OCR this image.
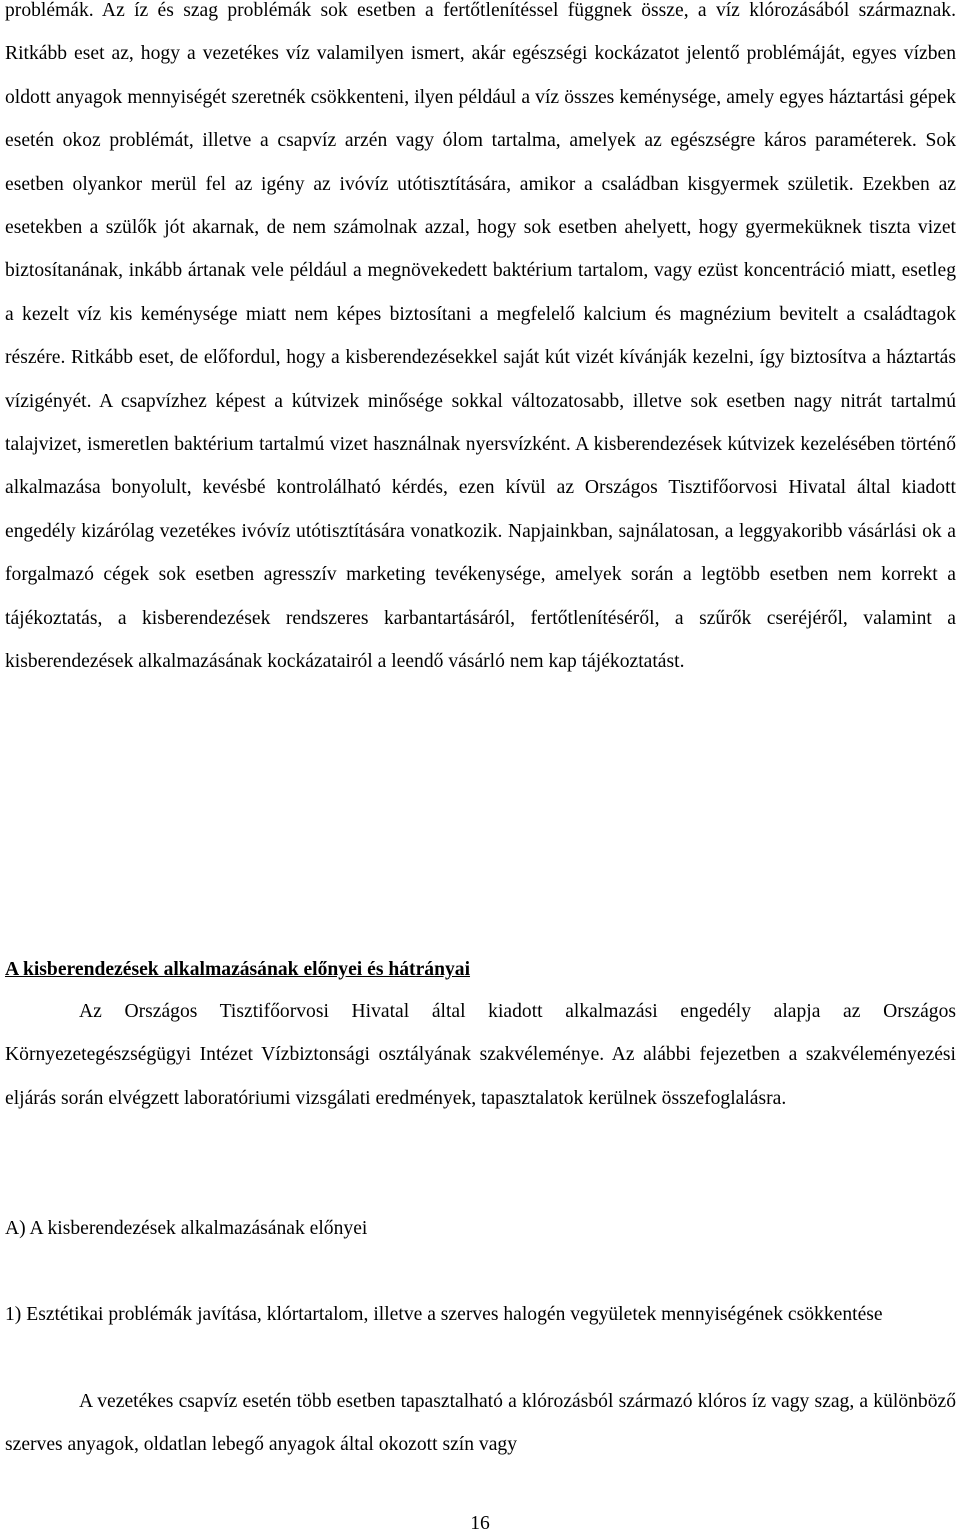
problémák. Az íz és szag problémák sok esetben a fertőtlenítéssel függnek össze, a víz klórozásából származnak. Ritkább eset az, hogy a vezetékes víz valamilyen ismert, akár egészségi kockázatot jelentő problémáját, egyes vízben oldott anyagok mennyiségét szeretnék csökkenteni, ilyen például a víz összes keménysége, amely egyes háztartási gépek esetén okoz problémát, illetve a csapvíz arzén vagy ólom tartalma, amelyek az egészségre káros paraméterek. Sok esetben olyankor merül fel az igény az ivóvíz utótisztítására, amikor a családban kisgyermek születik. Ezekben az esetekben a szülők jót akarnak, de nem számolnak azzal, hogy sok esetben ahelyett, hogy gyermeküknek tiszta vizet biztosítanának, inkább ártanak vele például a megnövekedett baktérium tartalom, vagy ezüst koncentráció miatt, esetleg a kezelt víz kis keménysége miatt nem képes biztosítani a megfelelő kalcium és magnézium bevitelt a családtagok részére. Ritkább eset, de előfordul, hogy a kisberendezésekkel saját kút vizét kívánják kezelni, így biztosítva a háztartás vízigényét. A csapvízhez képest a kútvizek minősége sokkal változatosabb, illetve sok esetben nagy nitrát tartalmú talajvizet, ismeretlen baktérium tartalmú vizet használnak nyersvízként. A kisberendezések kútvizek kezelésében történő alkalmazása bonyolult, kevésbé kontrolálható kérdés, ezen kívül az Országos Tisztifőorvosi Hivatal által kiadott engedély kizárólag vezetékes ivóvíz utótisztítására vonatkozik. Napjainkban, sajnálatosan, a leggyakoribb vásárlási ok a forgalmazó cégek sok esetben agresszív marketing tevékenysége, amelyek során a legtöbb esetben nem korrekt a tájékoztatás, a kisberendezések rendszeres karbantartásáról, fertőtlenítéséről, a szűrők cseréjéről, valamint a kisberendezések alkalmazásának kockázatairól a leendő vásárló nem kap tájékoztatást.

A kisberendezések alkalmazásának előnyei és hátrányai

Az Országos Tisztifőorvosi Hivatal által kiadott alkalmazási engedély alapja az Országos Környezetegészségügyi Intézet Vízbiztonsági osztályának szakvéleménye. Az alábbi fejezetben a szakvéleményezési eljárás során elvégzett laboratóriumi vizsgálati eredmények, tapasztalatok kerülnek összefoglalásra.

A) A kisberendezések alkalmazásának előnyei

1) Esztétikai problémák javítása, klórtartalom, illetve a szerves halogén vegyületek mennyiségének csökkentése

A vezetékes csapvíz esetén több esetben tapasztalható a klórozásból származó klóros íz vagy szag, a különböző szerves anyagok, oldatlan lebegő anyagok által okozott szín vagy

16
